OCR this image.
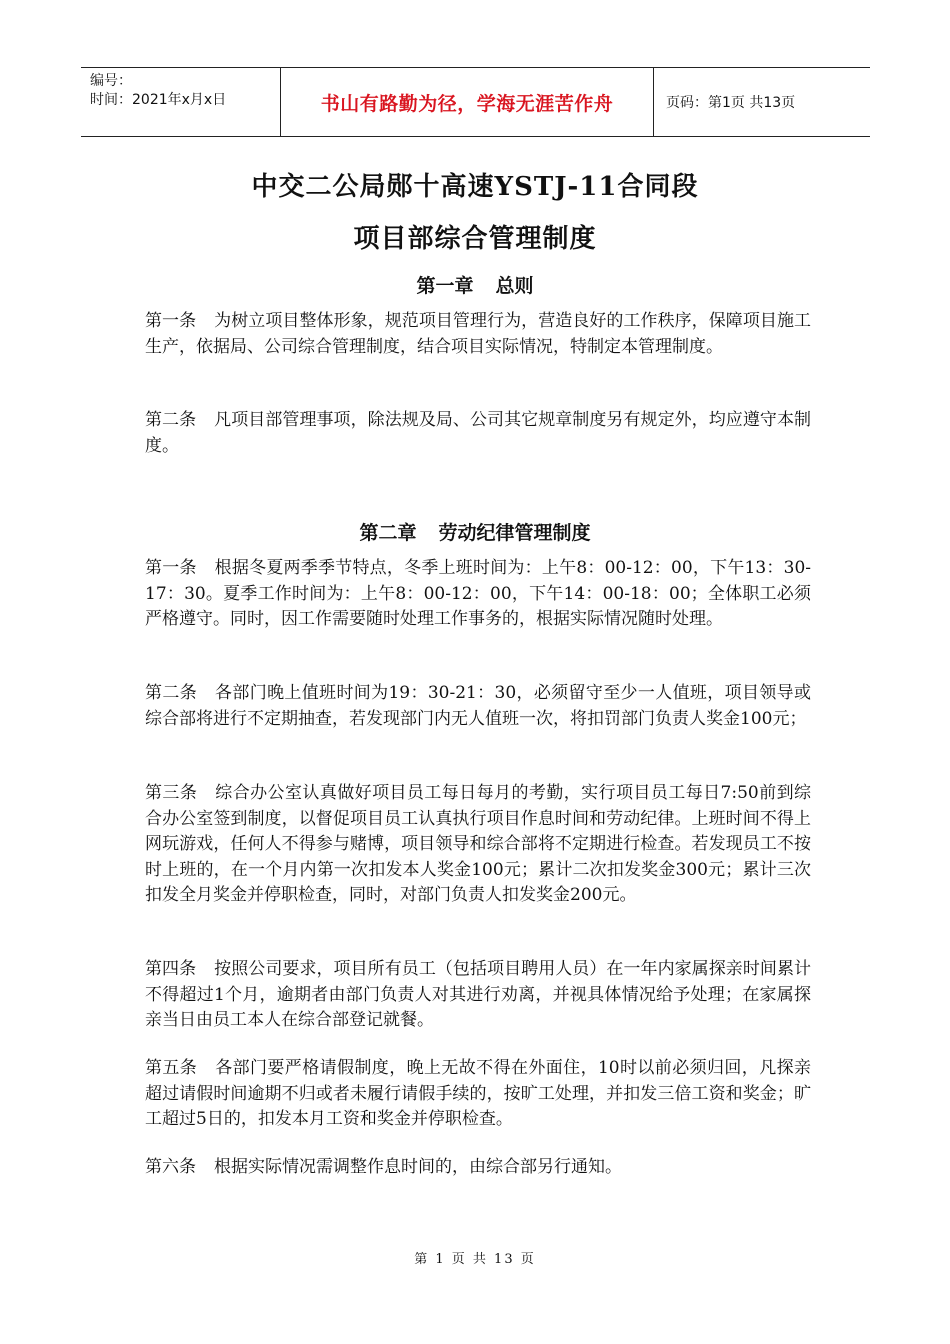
编号：
时间：2021年x月x日	书山有路勤为径，学海无涯苦作舟	页码：第1页 共13页
中交二公局郧十高速YSTJ-11合同段
项目部综合管理制度
第一章 总则
第一条 为树立项目整体形象，规范项目管理行为，营造良好的工作秩序，保障项目施工生产，依据局、公司综合管理制度，结合项目实际情况，特制定本管理制度。
第二条 凡项目部管理事项，除法规及局、公司其它规章制度另有规定外，均应遵守本制度。
第二章 劳动纪律管理制度
第一条 根据冬夏两季季节特点，冬季上班时间为：上午8：00-12：00，下午13：30-17：30。夏季工作时间为：上午8：00-12：00，下午14：00-18：00；全体职工必须严格遵守。同时，因工作需要随时处理工作事务的，根据实际情况随时处理。
第二条 各部门晚上值班时间为19：30-21：30，必须留守至少一人值班，项目领导或综合部将进行不定期抽查，若发现部门内无人值班一次，将扣罚部门负责人奖金100元；
第三条 综合办公室认真做好项目员工每日每月的考勤，实行项目员工每日7:50前到综合办公室签到制度，以督促项目员工认真执行项目作息时间和劳动纪律。上班时间不得上网玩游戏，任何人不得参与赌博，项目领导和综合部将不定期进行检查。若发现员工不按时上班的，在一个月内第一次扣发本人奖金100元；累计二次扣发奖金300元；累计三次扣发全月奖金并停职检查，同时，对部门负责人扣发奖金200元。
第四条 按照公司要求，项目所有员工（包括项目聘用人员）在一年内家属探亲时间累计不得超过1个月，逾期者由部门负责人对其进行劝离，并视具体情况给予处理；在家属探亲当日由员工本人在综合部登记就餐。
第五条 各部门要严格请假制度，晚上无故不得在外面住，10时以前必须归回，凡探亲超过请假时间逾期不归或者未履行请假手续的，按旷工处理，并扣发三倍工资和奖金；旷工超过5日的，扣发本月工资和奖金并停职检查。
第六条 根据实际情况需调整作息时间的，由综合部另行通知。
第 1 页 共 13 页
